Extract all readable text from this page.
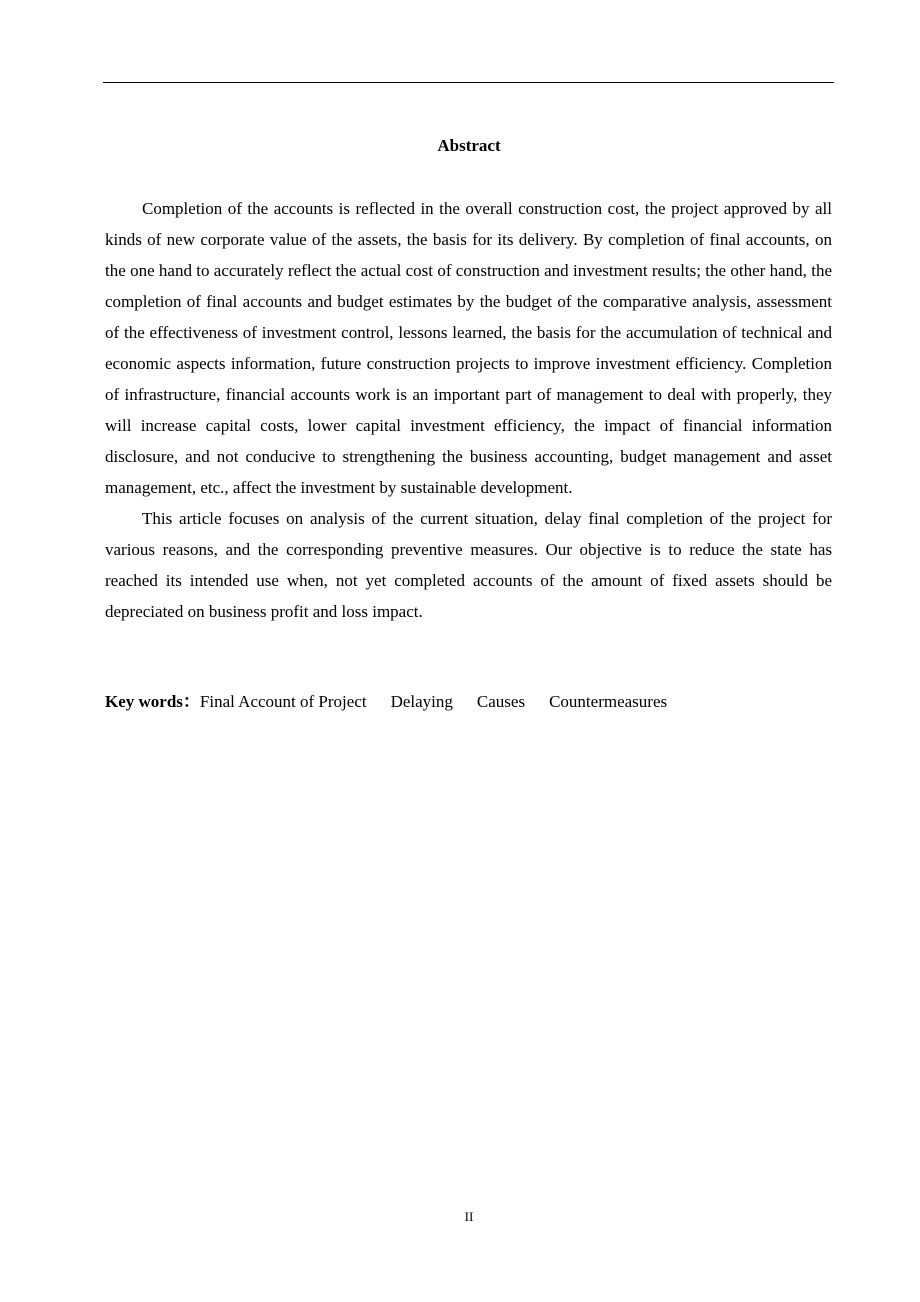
Abstract

Completion of the accounts is reflected in the overall construction cost, the project approved by all kinds of new corporate value of the assets, the basis for its delivery. By completion of final accounts, on the one hand to accurately reflect the actual cost of construction and investment results; the other hand, the completion of final accounts and budget estimates by the budget of the comparative analysis, assessment of the effectiveness of investment control, lessons learned, the basis for the accumulation of technical and economic aspects information, future construction projects to improve investment efficiency. Completion of infrastructure, financial accounts work is an important part of management to deal with properly, they will increase capital costs, lower capital investment efficiency, the impact of financial information disclosure, and not conducive to strengthening the business accounting, budget management and asset management, etc., affect the investment by sustainable development.

This article focuses on analysis of the current situation, delay final completion of the project for various reasons, and the corresponding preventive measures. Our objective is to reduce the state has reached its intended use when, not yet completed accounts of the amount of fixed assets should be depreciated on business profit and loss impact.

Key words：Final Account of Project Delaying Causes Countermeasures
II
